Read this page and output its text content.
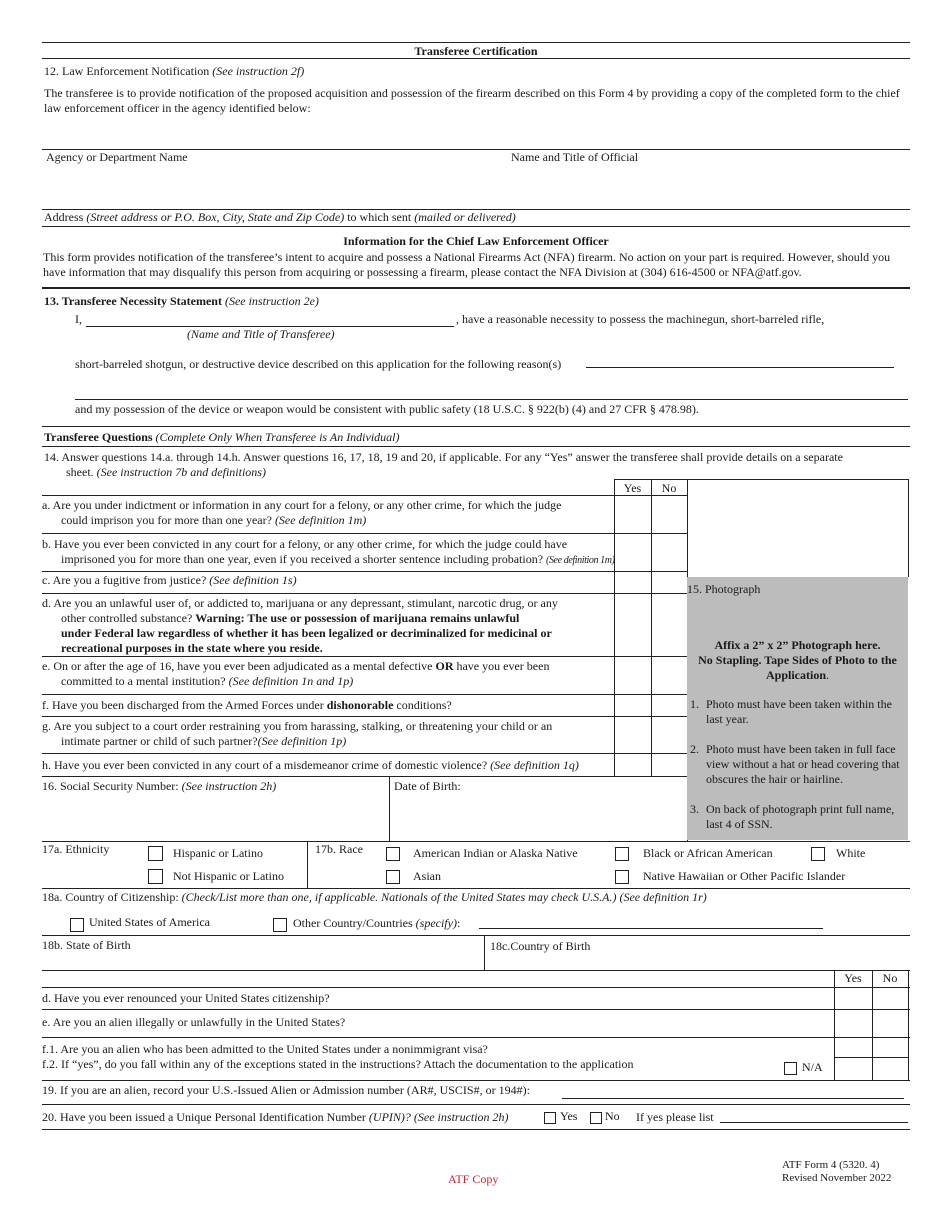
Transferee Certification
12. Law Enforcement Notification (See instruction 2f)
The transferee is to provide notification of the proposed acquisition and possession of the firearm described on this Form 4 by providing a copy of the completed form to the chief law enforcement officer in the agency identified below:
Agency or Department Name	Name and Title of Official
Address (Street address or P.O. Box, City, State and Zip Code) to which sent (mailed or delivered)
Information for the Chief Law Enforcement Officer
This form provides notification of the transferee’s intent to acquire and possess a National Firearms Act (NFA) firearm. No action on your part is required. However, should you have information that may disqualify this person from acquiring or possessing a firearm, please contact the NFA Division at (304) 616-4500 or NFA@atf.gov.
13. Transferee Necessity Statement (See instruction 2e)
I,	, have a reasonable necessity to possess the machinegun, short-barreled rifle,
(Name and Title of Transferee)
short-barreled shotgun, or destructive device described on this application for the following reason(s)
and my possession of the device or weapon would be consistent with public safety (18 U.S.C. § 922(b) (4) and 27 CFR § 478.98).
Transferee Questions (Complete Only When Transferee is An Individual)
14. Answer questions 14.a. through 14.h. Answer questions 16, 17, 18, 19 and 20, if applicable. For any “Yes” answer the transferee shall provide details on a separate
sheet. (See instruction 7b and definitions)
Yes	No
a. Are you under indictment or information in any court for a felony, or any other crime, for which the judge
could imprison you for more than one year? (See definition 1m)
b. Have you ever been convicted in any court for a felony, or any other crime, for which the judge could have
imprisoned you for more than one year, even if you received a shorter sentence including probation? (See definition 1m)
c. Are you a fugitive from justice? (See definition 1s)
d. Are you an unlawful user of, or addicted to, marijuana or any depressant, stimulant, narcotic drug, or any
other controlled substance? Warning: The use or possession of marijuana remains unlawful
under Federal law regardless of whether it has been legalized or decriminalized for medicinal or
recreational purposes in the state where you reside.
e. On or after the age of 16, have you ever been adjudicated as a mental defective OR have you ever been
committed to a mental institution? (See definition 1n and 1p)
f. Have you been discharged from the Armed Forces under dishonorable conditions?
g. Are you subject to a court order restraining you from harassing, stalking, or threatening your child or an
intimate partner or child of such partner?(See definition 1p)
h. Have you ever been convicted in any court of a misdemeanor crime of domestic violence? (See definition 1q)
15. Photograph
Affix a 2” x 2” Photograph here.
No Stapling. Tape Sides of Photo to the
Application.
1. Photo must have been taken within the last year.
2. Photo must have been taken in full face view without a hat or head covering that obscures the hair or hairline.
3. On back of photograph print full name, last 4 of SSN.
16. Social Security Number: (See instruction 2h)	Date of Birth:
17a. Ethnicity	Hispanic or Latino
Not Hispanic or Latino
17b. Race	American Indian or Alaska Native
Asian
Black or African American
Native Hawaiian or Other Pacific Islander
White
18a. Country of Citizenship: (Check/List more than one, if applicable. Nationals of the United States may check U.S.A.) (See definition 1r)
United States of America	Other Country/Countries (specify):
18b. State of Birth	18c.Country of Birth
Yes	No
d. Have you ever renounced your United States citizenship?
e. Are you an alien illegally or unlawfully in the United States?
f.1. Are you an alien who has been admitted to the United States under a nonimmigrant visa?
f.2. If “yes”, do you fall within any of the exceptions stated in the instructions? Attach the documentation to the application	N/A
19. If you are an alien, record your U.S.-Issued Alien or Admission number (AR#, USCIS#, or 194#):
20. Have you been issued a Unique Personal Identification Number (UPIN)? (See instruction 2h)	Yes No If yes please list
ATF Copy
ATF Form 4 (5320. 4)
Revised November 2022
